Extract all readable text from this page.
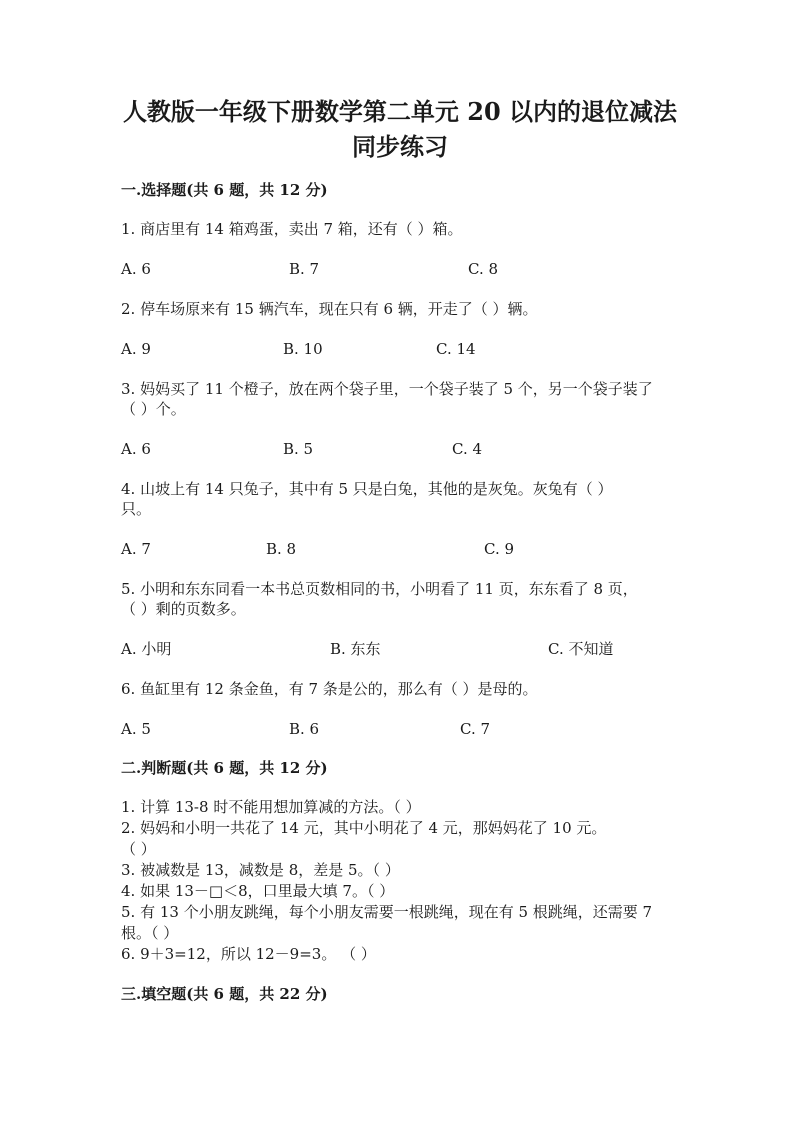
人教版一年级下册数学第二单元 20 以内的退位减法
同步练习
一.选择题(共 6 题，共 12 分)
1. 商店里有 14 箱鸡蛋，卖出 7 箱，还有（ ）箱。
A. 6	B. 7	C. 8
2. 停车场原来有 15 辆汽车，现在只有 6 辆，开走了（ ）辆。
A. 9	B. 10	C. 14
3. 妈妈买了 11 个橙子，放在两个袋子里，一个袋子装了 5 个，另一个袋子装了
（ ）个。
A. 6	B. 5	C. 4
4. 山坡上有 14 只兔子，其中有 5 只是白兔，其他的是灰兔。灰兔有（ ）
只。
A. 7	B. 8	C. 9
5. 小明和东东同看一本书总页数相同的书，小明看了 11 页，东东看了 8 页，
（ ）剩的页数多。
A. 小明	B. 东东	C. 不知道
6. 鱼缸里有 12 条金鱼，有 7 条是公的，那么有（ ）是母的。
A. 5	B. 6	C. 7
二.判断题(共 6 题，共 12 分)
1. 计算 13-8 时不能用想加算减的方法。（ ）
2. 妈妈和小明一共花了 14 元，其中小明花了 4 元，那妈妈花了 10 元。
（ ）
3. 被减数是 13，减数是 8，差是 5。（ ）
4. 如果 13－□＜8，口里最大填 7。（ ）
5. 有 13 个小朋友跳绳，每个小朋友需要一根跳绳，现在有 5 根跳绳，还需要 7
根。（ ）
6. 9＋3=12，所以 12－9=3。 （ ）
三.填空题(共 6 题，共 22 分)
